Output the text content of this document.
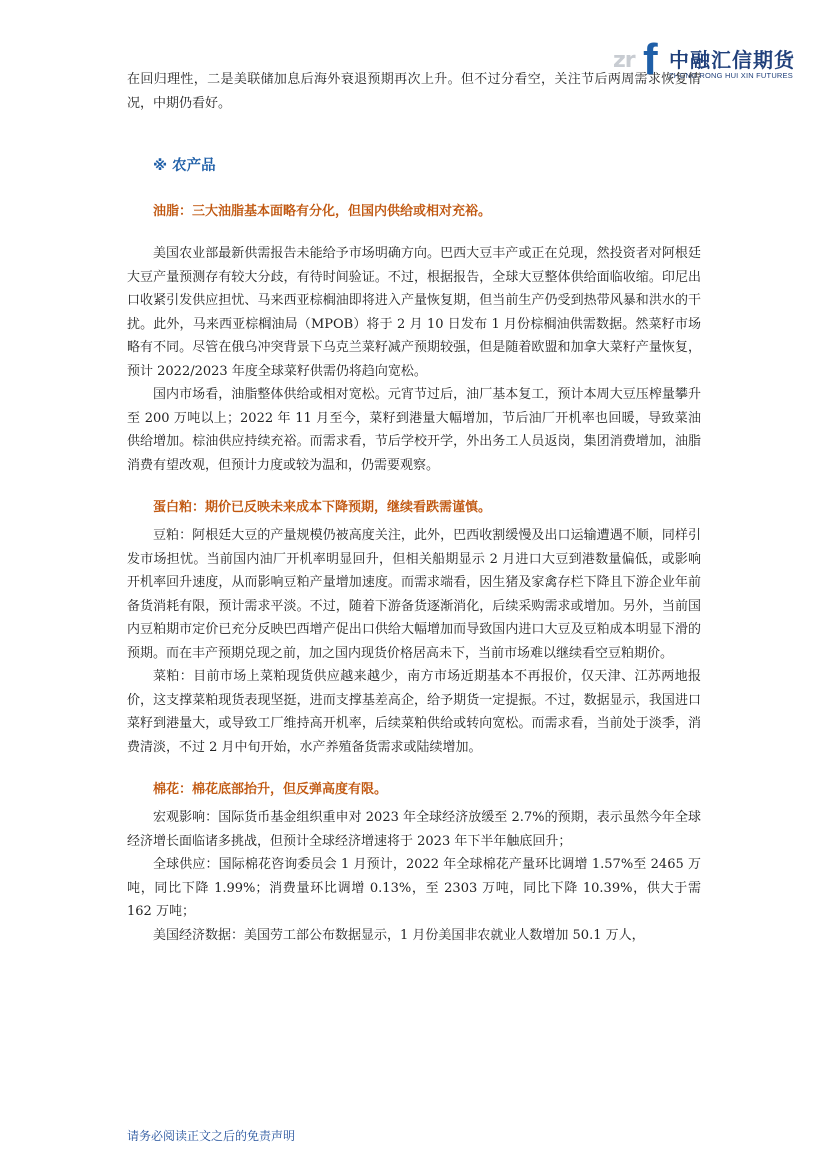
zr f 中融汇信期货
ZHONG RONG HUI XIN FUTURES

在回归理性，二是美联储加息后海外衰退预期再次上升。但不过分看空，关注节后两周需求恢复情况，中期仍看好。

※ 农产品
油脂：三大油脂基本面略有分化，但国内供给或相对充裕。

美国农业部最新供需报告未能给予市场明确方向。巴西大豆丰产或正在兑现，然投资者对阿根廷大豆产量预测存有较大分歧，有待时间验证。不过，根据报告，全球大豆整体供给面临收缩。印尼出口收紧引发供应担忧、马来西亚棕榈油即将进入产量恢复期，但当前生产仍受到热带风暴和洪水的干扰。此外，马来西亚棕榈油局（MPOB）将于 2 月 10 日发布 1 月份棕榈油供需数据。然菜籽市场略有不同。尽管在俄乌冲突背景下乌克兰菜籽减产预期较强，但是随着欧盟和加拿大菜籽产量恢复，预计 2022/2023 年度全球菜籽供需仍将趋向宽松。

国内市场看，油脂整体供给或相对宽松。元宵节过后，油厂基本复工，预计本周大豆压榨量攀升至 200 万吨以上；2022 年 11 月至今，菜籽到港量大幅增加，节后油厂开机率也回暖，导致菜油供给增加。棕油供应持续充裕。而需求看，节后学校开学，外出务工人员返岗，集团消费增加，油脂消费有望改观，但预计力度或较为温和，仍需要观察。

蛋白粕：期价已反映未来成本下降预期，继续看跌需谨慎。

豆粕：阿根廷大豆的产量规模仍被高度关注，此外，巴西收割缓慢及出口运输遭遇不顺，同样引发市场担忧。当前国内油厂开机率明显回升，但相关船期显示 2 月进口大豆到港数量偏低，或影响开机率回升速度，从而影响豆粕产量增加速度。而需求端看，因生猪及家禽存栏下降且下游企业年前备货消耗有限，预计需求平淡。不过，随着下游备货逐渐消化，后续采购需求或增加。另外，当前国内豆粕期市定价已充分反映巴西增产促出口供给大幅增加而导致国内进口大豆及豆粕成本明显下滑的预期。而在丰产预期兑现之前，加之国内现货价格居高未下，当前市场难以继续看空豆粕期价。

菜粕：目前市场上菜粕现货供应越来越少，南方市场近期基本不再报价，仅天津、江苏两地报价，这支撑菜粕现货表现坚挺，进而支撑基差高企，给予期货一定提振。不过，数据显示，我国进口菜籽到港量大，或导致工厂维持高开机率，后续菜粕供给或转向宽松。而需求看，当前处于淡季，消费清淡，不过 2 月中旬开始，水产养殖备货需求或陆续增加。

棉花：棉花底部抬升，但反弹高度有限。

宏观影响：国际货币基金组织重申对 2023 年全球经济放缓至 2.7%的预期，表示虽然今年全球经济增长面临诸多挑战，但预计全球经济增速将于 2023 年下半年触底回升；

全球供应：国际棉花咨询委员会 1 月预计，2022 年全球棉花产量环比调增 1.57%至 2465 万吨，同比下降 1.99%；消费量环比调增 0.13%，至 2303 万吨，同比下降 10.39%，供大于需 162 万吨；

美国经济数据：美国劳工部公布数据显示，1 月份美国非农就业人数增加 50.1 万人，

请务必阅读正文之后的免责声明
